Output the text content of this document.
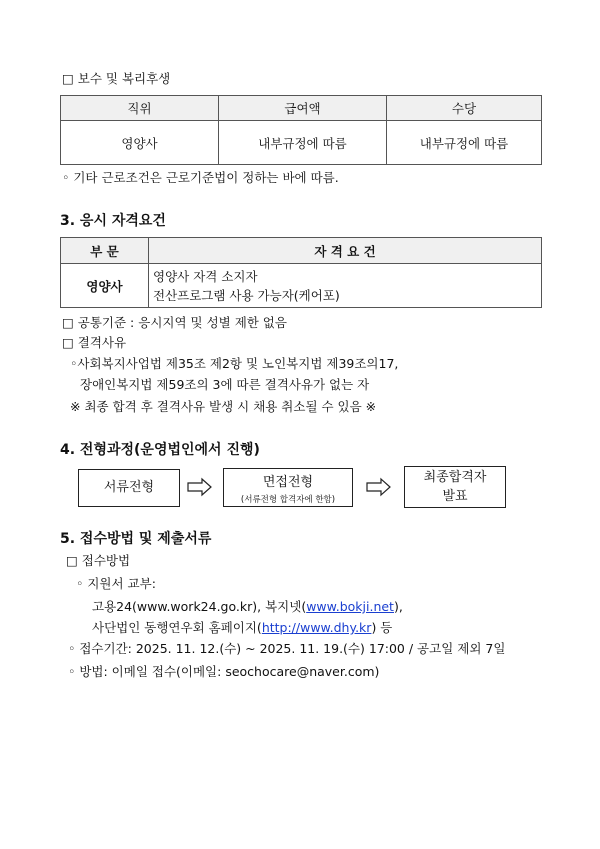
□ 보수 및 복리후생
직위	급여액	수당
영양사	내부규정에 따름	내부규정에 따름
◦ 기타 근로조건은 근로기준법이 정하는 바에 따름.
3. 응시 자격요건
부 문	자 격 요 건
영양사	영양사 자격 소지자
전산프로그램 사용 가능자(케어포)
□ 공통기준 : 응시지역 및 성별 제한 없음
□ 결격사유
◦사회복지사업법 제35조 제2항 및 노인복지법 제39조의17,
장애인복지법 제59조의 3에 따른 결격사유가 없는 자
※ 최종 합격 후 결격사유 발생 시 채용 취소될 수 있음 ※
4. 전형과정(운영법인에서 진행)
서류전형	면접전형
(서류전형 합격자에 한함)
최종합격자
발표
5. 접수방법 및 제출서류
□ 접수방법
◦ 지원서 교부:
고용24(www.work24.go.kr), 복지넷(www.bokji.net),
사단법인 동행연우회 홈페이지(http://www.dhy.kr) 등
◦ 접수기간: 2025. 11. 12.(수) ~ 2025. 11. 19.(수) 17:00 / 공고일 제외 7일
◦ 방법: 이메일 접수(이메일: seochocare@naver.com)
